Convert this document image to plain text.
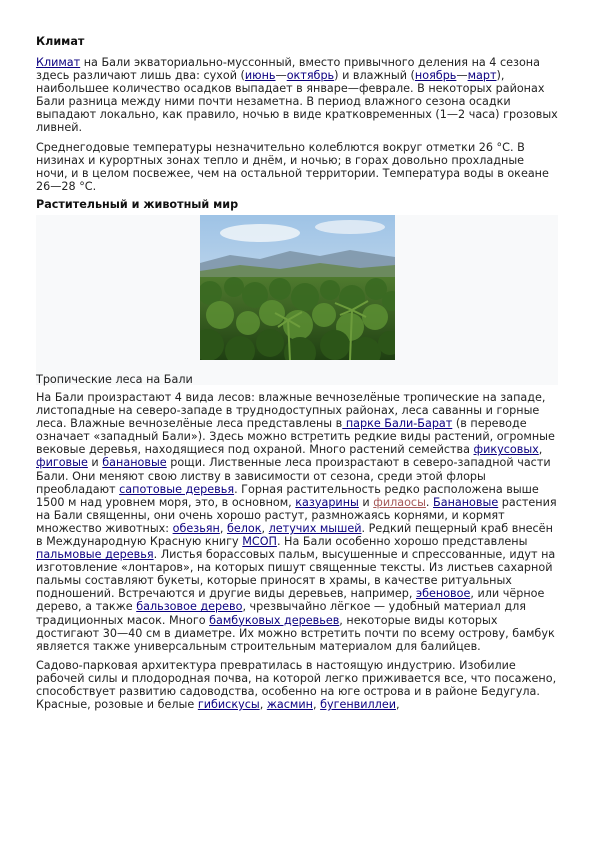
Климат

Климат на Бали экваториально-муссонный, вместо привычного деления на 4 сезона здесь различают лишь два: сухой (июнь—октябрь) и влажный (ноябрь—март), наибольшее количество осадков выпадает в январе—феврале. В некоторых районах Бали разница между ними почти незаметна. В период влажного сезона осадки выпадают локально, как правило, ночью в виде кратковременных (1—2 часа) грозовых ливней.

Среднегодовые температуры незначительно колеблются вокруг отметки 26 °C. В низинах и курортных зонах тепло и днём, и ночью; в горах довольно прохладные ночи, и в целом посвежее, чем на остальной территории. Температура воды в океане 26—28 °C.

Растительный и животный мир
Тропические леса на Бали

На Бали произрастают 4 вида лесов: влажные вечнозелёные тропические на западе, листопадные на северо-западе в труднодоступных районах, леса саванны и горные леса. Влажные вечнозелёные леса представлены в парке Бали-Барат (в переводе означает «западный Бали»). Здесь можно встретить редкие виды растений, огромные вековые деревья, находящиеся под охраной. Много растений семейства фикусовых, фиговые и банановые рощи. Лиственные леса произрастают в северо-западной части Бали. Они меняют свою листву в зависимости от сезона, среди этой флоры преобладают сапотовые деревья. Горная растительность редко расположена выше 1500 м над уровнем моря, это, в основном, казуарины и филаосы. Банановые растения на Бали священны, они очень хорошо растут, размножаясь корнями, и кормят множество животных: обезьян, белок, летучих мышей. Редкий пещерный краб внесён в Международную Красную книгу МСОП. На Бали особенно хорошо представлены пальмовые деревья. Листья борассовых пальм, высушенные и спрессованные, идут на изготовление «лонтаров», на которых пишут священные тексты. Из листьев сахарной пальмы составляют букеты, которые приносят в храмы, в качестве ритуальных подношений. Встречаются и другие виды деревьев, например, эбеновое, или чёрное дерево, а также бальзовое дерево, чрезвычайно лёгкое — удобный материал для традиционных масок. Много бамбуковых деревьев, некоторые виды которых достигают 30—40 см в диаметре. Их можно встретить почти по всему острову, бамбук является также универсальным строительным материалом для балийцев.

Садово-парковая архитектура превратилась в настоящую индустрию. Изобилие рабочей силы и плодородная почва, на которой легко приживается все, что посажено, способствует развитию садоводства, особенно на юге острова и в районе Бедугула. Красные, розовые и белые гибискусы, жасмин, бугенвиллеи,
